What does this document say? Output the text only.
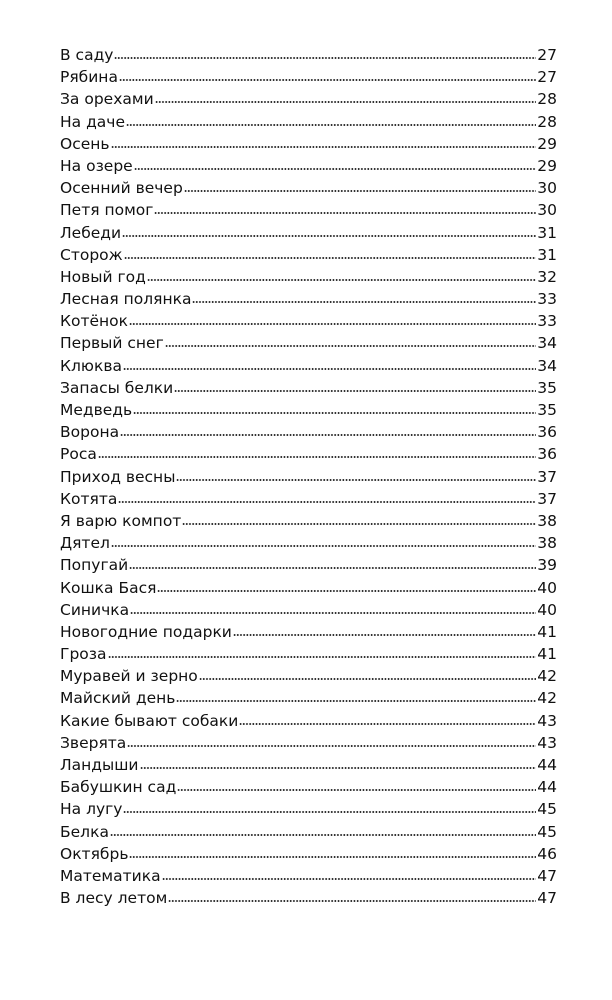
В саду	27
Рябина	27
За орехами	28
На даче	28
Осень	29
На озере	29
Осенний вечер	30
Петя помог	30
Лебеди	31
Сторож	31
Новый год	32
Лесная полянка	33
Котёнок	33
Первый снег	34
Клюква	34
Запасы белки	35
Медведь	35
Ворона	36
Роса	36
Приход весны	37
Котята	37
Я варю компот	38
Дятел	38
Попугай	39
Кошка Бася	40
Синичка	40
Новогодние подарки	41
Гроза	41
Муравей и зерно	42
Майский день	42
Какие бывают собаки	43
Зверята	43
Ландыши	44
Бабушкин сад	44
На лугу	45
Белка	45
Октябрь	46
Математика	47
В лесу летом	47
